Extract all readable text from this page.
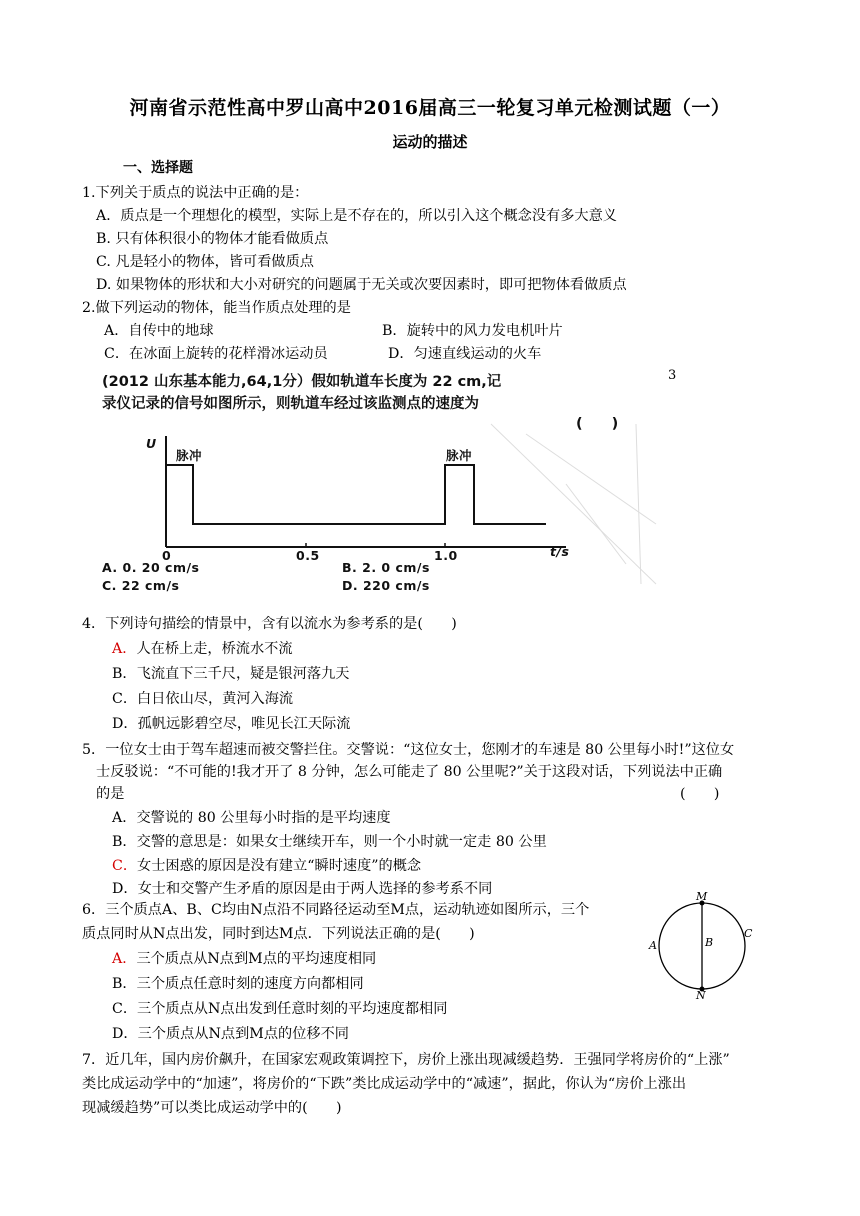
河南省示范性高中罗山高中2016届高三一轮复习单元检测试题（一）
运动的描述
一、选择题
1.下列关于质点的说法中正确的是：
A．质点是一个理想化的模型，实际上是不存在的，所以引入这个概念没有多大意义
B. 只有体积很小的物体才能看做质点
C. 凡是轻小的物体，皆可看做质点
D. 如果物体的形状和大小对研究的问题属于无关或次要因素时，即可把物体看做质点
2.做下列运动的物体，能当作质点处理的是
A．自传中的地球	B．旋转中的风力发电机叶片
C．在冰面上旋转的花样滑冰运动员	D．匀速直线运动的火车
3
(2012 山东基本能力,64,1分）假如轨道车长度为 22 cm,记
录仪记录的信号如图所示，则轨道车经过该监测点的速度为
(　　)
U
脉冲	脉冲
0	0.5	1.0	t/s
A. 0. 20 cm/s	B. 2. 0 cm/s
C. 22 cm/s	D. 220 cm/s
4．下列诗句描绘的情景中，含有以流水为参考系的是(　　)
A．人在桥上走，桥流水不流
B．飞流直下三千尺，疑是银河落九天
C．白日依山尽，黄河入海流
D．孤帆远影碧空尽，唯见长江天际流
5．一位女士由于驾车超速而被交警拦住。交警说：“这位女士，您刚才的车速是 80 公里每小时!”这位女
士反驳说：“不可能的!我才开了 8 分钟，怎么可能走了 80 公里呢?”关于这段对话，下列说法中正确
的是	(　　)
A．交警说的 80 公里每小时指的是平均速度
B．交警的意思是：如果女士继续开车，则一个小时就一定走 80 公里
C．女士困惑的原因是没有建立“瞬时速度”的概念
D．女士和交警产生矛盾的原因是由于两人选择的参考系不同
6．三个质点A、B、C均由N点沿不同路径运动至M点，运动轨迹如图所示，三个
质点同时从N点出发，同时到达M点．下列说法正确的是(　　)
A．三个质点从N点到M点的平均速度相同
B．三个质点任意时刻的速度方向都相同
C．三个质点从N点出发到任意时刻的平均速度都相同
D．三个质点从N点到M点的位移不同
M
N
A	B
C
7．近几年，国内房价飙升，在国家宏观政策调控下，房价上涨出现减缓趋势．王强同学将房价的“上涨”
类比成运动学中的“加速”，将房价的“下跌”类比成运动学中的“减速”，据此，你认为“房价上涨出
现减缓趋势”可以类比成运动学中的(　　)
